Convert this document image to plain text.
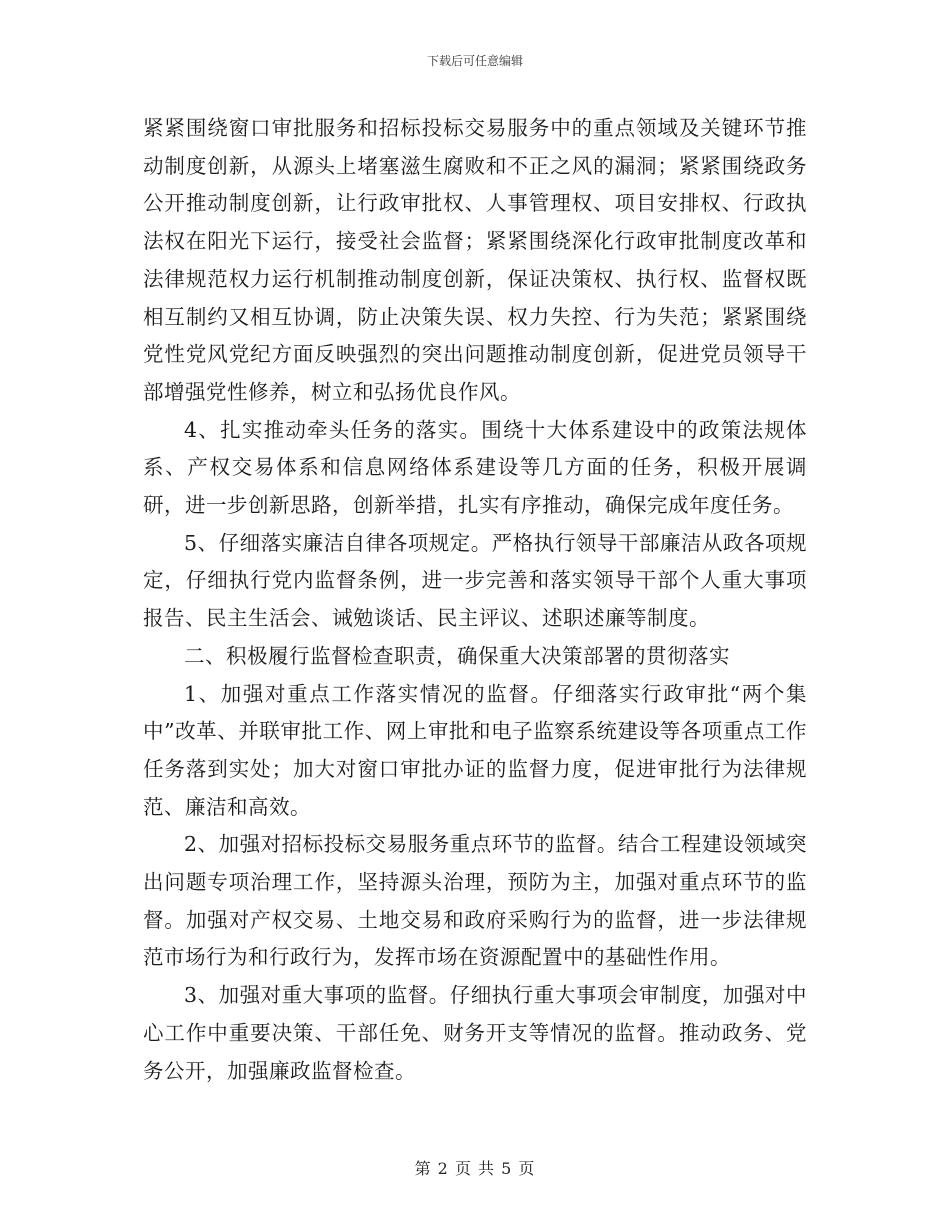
下载后可任意编辑

紧紧围绕窗口审批服务和招标投标交易服务中的重点领域及关键环节推动制度创新，从源头上堵塞滋生腐败和不正之风的漏洞；紧紧围绕政务公开推动制度创新，让行政审批权、人事管理权、项目安排权、行政执法权在阳光下运行，接受社会监督；紧紧围绕深化行政审批制度改革和法律规范权力运行机制推动制度创新，保证决策权、执行权、监督权既相互制约又相互协调，防止决策失误、权力失控、行为失范；紧紧围绕党性党风党纪方面反映强烈的突出问题推动制度创新，促进党员领导干部增强党性修养，树立和弘扬优良作风。

4、扎实推动牵头任务的落实。围绕十大体系建设中的政策法规体系、产权交易体系和信息网络体系建设等几方面的任务，积极开展调研，进一步创新思路，创新举措，扎实有序推动，确保完成年度任务。

5、仔细落实廉洁自律各项规定。严格执行领导干部廉洁从政各项规定，仔细执行党内监督条例，进一步完善和落实领导干部个人重大事项报告、民主生活会、诫勉谈话、民主评议、述职述廉等制度。

二、积极履行监督检查职责，确保重大决策部署的贯彻落实

1、加强对重点工作落实情况的监督。仔细落实行政审批“两个集中”改革、并联审批工作、网上审批和电子监察系统建设等各项重点工作任务落到实处；加大对窗口审批办证的监督力度，促进审批行为法律规范、廉洁和高效。

2、加强对招标投标交易服务重点环节的监督。结合工程建设领域突出问题专项治理工作，坚持源头治理，预防为主，加强对重点环节的监督。加强对产权交易、土地交易和政府采购行为的监督，进一步法律规范市场行为和行政行为，发挥市场在资源配置中的基础性作用。

3、加强对重大事项的监督。仔细执行重大事项会审制度，加强对中心工作中重要决策、干部任免、财务开支等情况的监督。推动政务、党务公开，加强廉政监督检查。

第 2 页 共 5 页
